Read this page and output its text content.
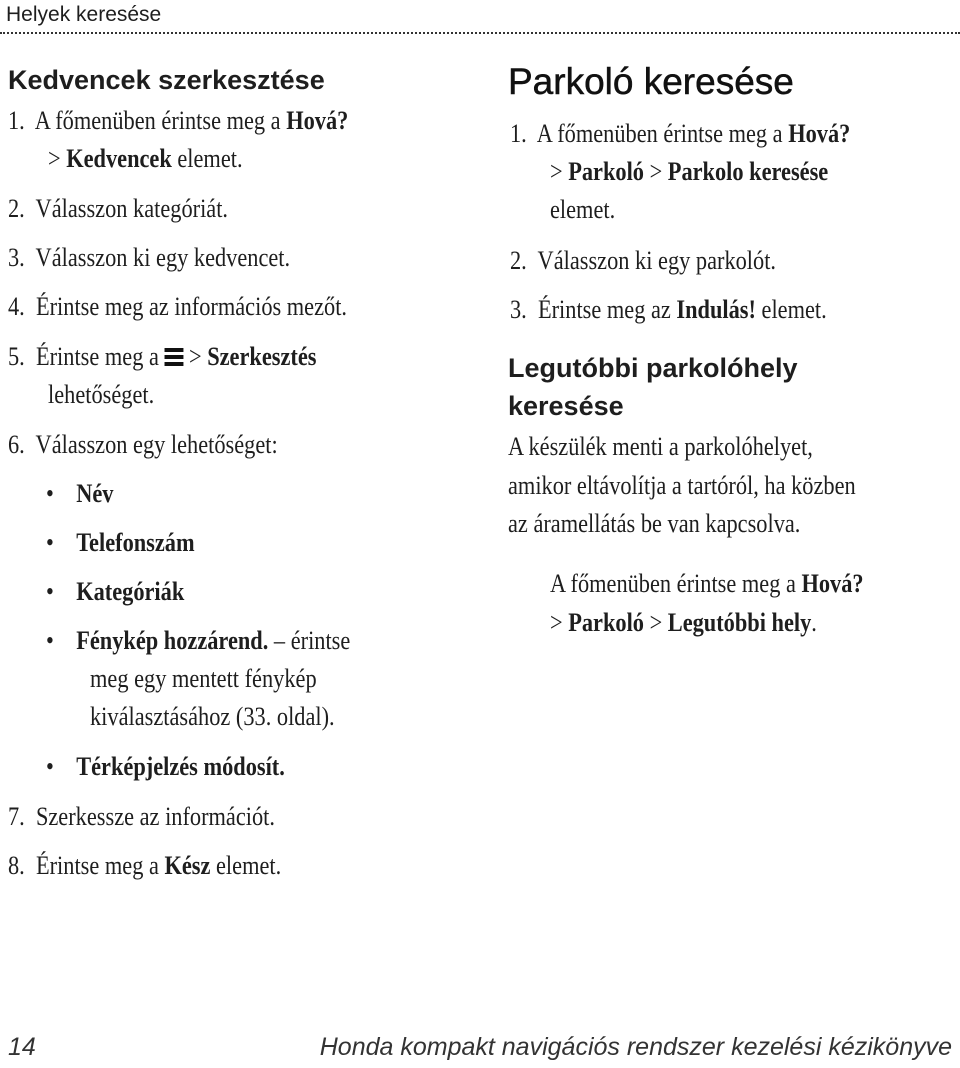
Helyek keresése
Kedvencek szerkesztése
1. A főmenüben érintse meg a Hová?
> Kedvencek elemet.
2. Válasszon kategóriát.
3. Válasszon ki egy kedvencet.
4. Érintse meg az információs mezőt.
5. Érintse meg a
> Szerkesztés
lehetőséget.
6. Válasszon egy lehetőséget:
• Név
• Telefonszám
• Kategóriák
• Fénykép hozzárend. – érintse
meg egy mentett fénykép
kiválasztásához (33. oldal).
• Térképjelzés módosít.
7. Szerkessze az információt.
8. Érintse meg a Kész elemet.
Parkoló keresése
1. A főmenüben érintse meg a Hová?
> Parkoló > Parkolo keresése
elemet.
2. Válasszon ki egy parkolót.
3. Érintse meg az Indulás! elemet.
Legutóbbi parkolóhely
keresése
A készülék menti a parkolóhelyet,
amikor eltávolítja a tartóról, ha közben
az áramellátás be van kapcsolva.
A főmenüben érintse meg a Hová?
> Parkoló > Legutóbbi hely.
14	Honda kompakt navigációs rendszer kezelési kézikönyve
